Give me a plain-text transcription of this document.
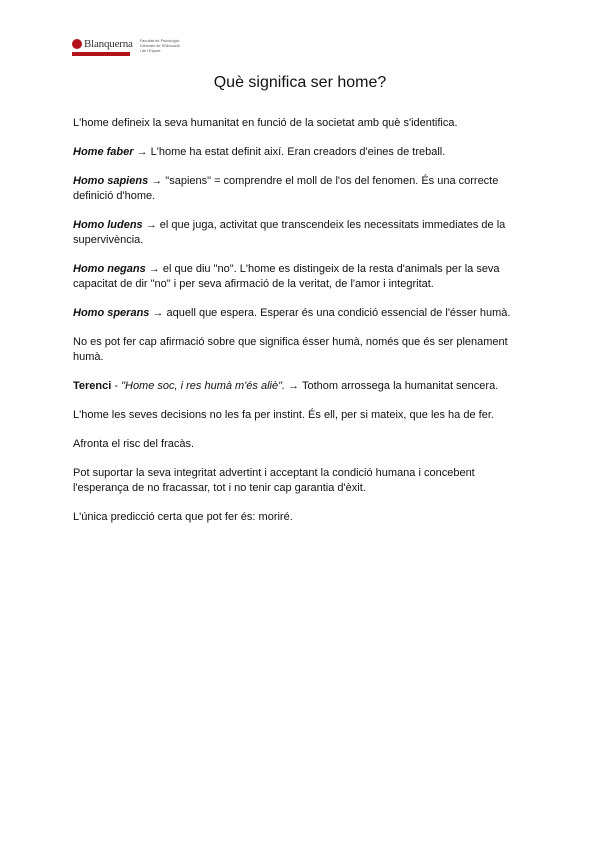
Blanquerna Facultat de Psicologia
Ciències de l'Educació
i de l'Esport
Què significa ser home?

L'home defineix la seva humanitat en funció de la societat amb què s'identifica.

Home faber → L'home ha estat definit així. Eran creadors d'eines de treball.

Homo sapiens → "sapiens" = comprendre el moll de l'os del fenomen. És una correcte definició d'home.

Homo ludens → el que juga, activitat que transcendeix les necessitats immediates de la supervivència.

Homo negans → el que diu "no". L'home es distingeix de la resta d'animals per la seva capacitat de dir "no" i per seva afirmació de la veritat, de l'amor i integritat.

Homo sperans → aquell que espera. Esperar és una condició essencial de l'ésser humà.

No es pot fer cap afirmació sobre que significa ésser humà, només que és ser plenament humà.

Terenci - "Home soc, i res humà m'és aliè". → Tothom arrossega la humanitat sencera.

L'home les seves decisions no les fa per instint. És ell, per si mateix, que les ha de fer.

Afronta el risc del fracàs.

Pot suportar la seva integritat advertint i acceptant la condició humana i concebent l'esperança de no fracassar, tot i no tenir cap garantia d'èxit.

L'única predicció certa que pot fer és: moriré.
